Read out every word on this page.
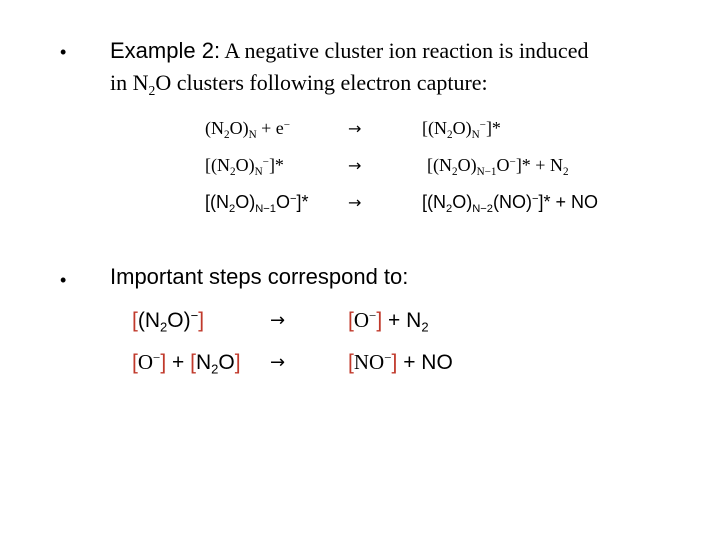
• Example 2: A negative cluster ion reaction is induced
in $N_2O$ clusters following electron capture:
$(N_2O)_N + e^-$	→	$[(N_2O)_N^-]*$
$[(N_2O)_N^-]*$	→	$[(N_2O)_{N-1}O^-]* + N_2$
$[(N_2O)_{N-1}O^-]*$ →	$[(N_2O)_{N-2}(NO)^-]*$ + NO
• Important steps correspond to:
$[(N_2O)^-]$	→	$[O^-] + N_2$
$[O^-] + [N_2O]$ →	[NO−] + NO
